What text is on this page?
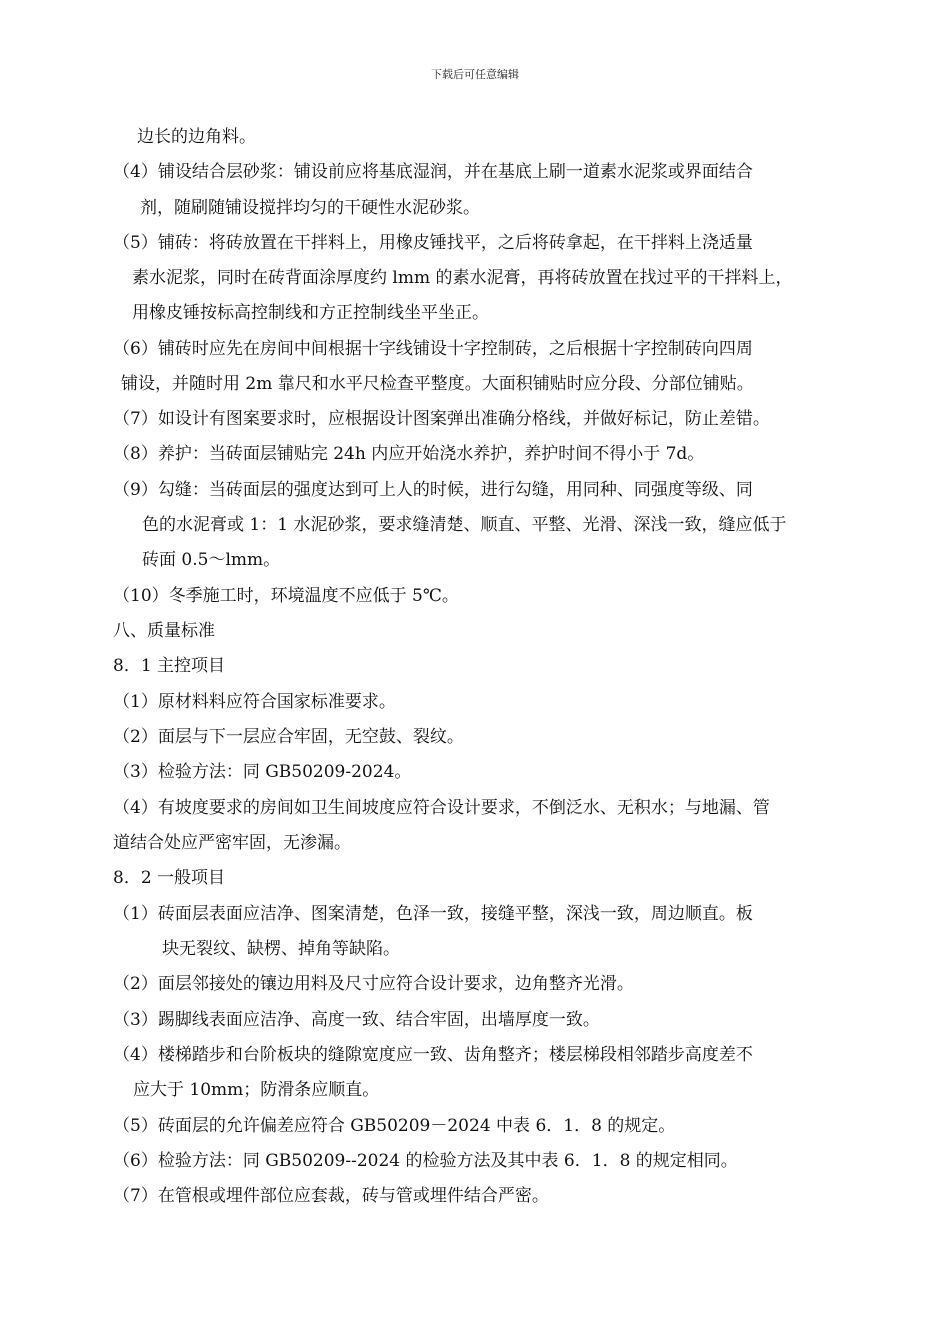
下载后可任意编辑
边长的边角料。
（4）铺设结合层砂浆：铺设前应将基底湿润，并在基底上刷一道素水泥浆或界面结合
剂，随刷随铺设搅拌均匀的干硬性水泥砂浆。
（5）铺砖：将砖放置在干拌料上，用橡皮锤找平，之后将砖拿起，在干拌料上浇适量
素水泥浆，同时在砖背面涂厚度约 lmm 的素水泥膏，再将砖放置在找过平的干拌料上，
用橡皮锤按标高控制线和方正控制线坐平坐正。
（6）铺砖时应先在房间中间根据十字线铺设十字控制砖，之后根据十字控制砖向四周
铺设，并随时用 2m 靠尺和水平尺检查平整度。大面积铺贴时应分段、分部位铺贴。
（7）如设计有图案要求时，应根据设计图案弹出准确分格线，并做好标记，防止差错。
（8）养护：当砖面层铺贴完 24h 内应开始浇水养护，养护时间不得小于 7d。
（9）勾缝：当砖面层的强度达到可上人的时候，进行勾缝，用同种、同强度等级、同
色的水泥膏或 1：1 水泥砂浆，要求缝清楚、顺直、平整、光滑、深浅一致，缝应低于
砖面 0.5～lmm。
（10）冬季施工时，环境温度不应低于 5℃。
八、质量标准
8．1 主控项目
（1）原材料料应符合国家标准要求。
（2）面层与下一层应合牢固，无空鼓、裂纹。
（3）检验方法：同 GB50209-2024。
（4）有坡度要求的房间如卫生间坡度应符合设计要求，不倒泛水、无积水；与地漏、管
道结合处应严密牢固，无渗漏。
8．2 一般项目
（1）砖面层表面应洁净、图案清楚，色泽一致，接缝平整，深浅一致，周边顺直。板
块无裂纹、缺楞、掉角等缺陷。
（2）面层邻接处的镶边用料及尺寸应符合设计要求，边角整齐光滑。
（3）踢脚线表面应洁净、高度一致、结合牢固，出墙厚度一致。
（4）楼梯踏步和台阶板块的缝隙宽度应一致、齿角整齐；楼层梯段相邻踏步高度差不
应大于 10mm；防滑条应顺直。
（5）砖面层的允许偏差应符合 GB50209－2024 中表 6．1．8 的规定。
（6）检验方法：同 GB50209--2024 的检验方法及其中表 6．1．8 的规定相同。
（7）在管根或埋件部位应套裁，砖与管或埋件结合严密。
